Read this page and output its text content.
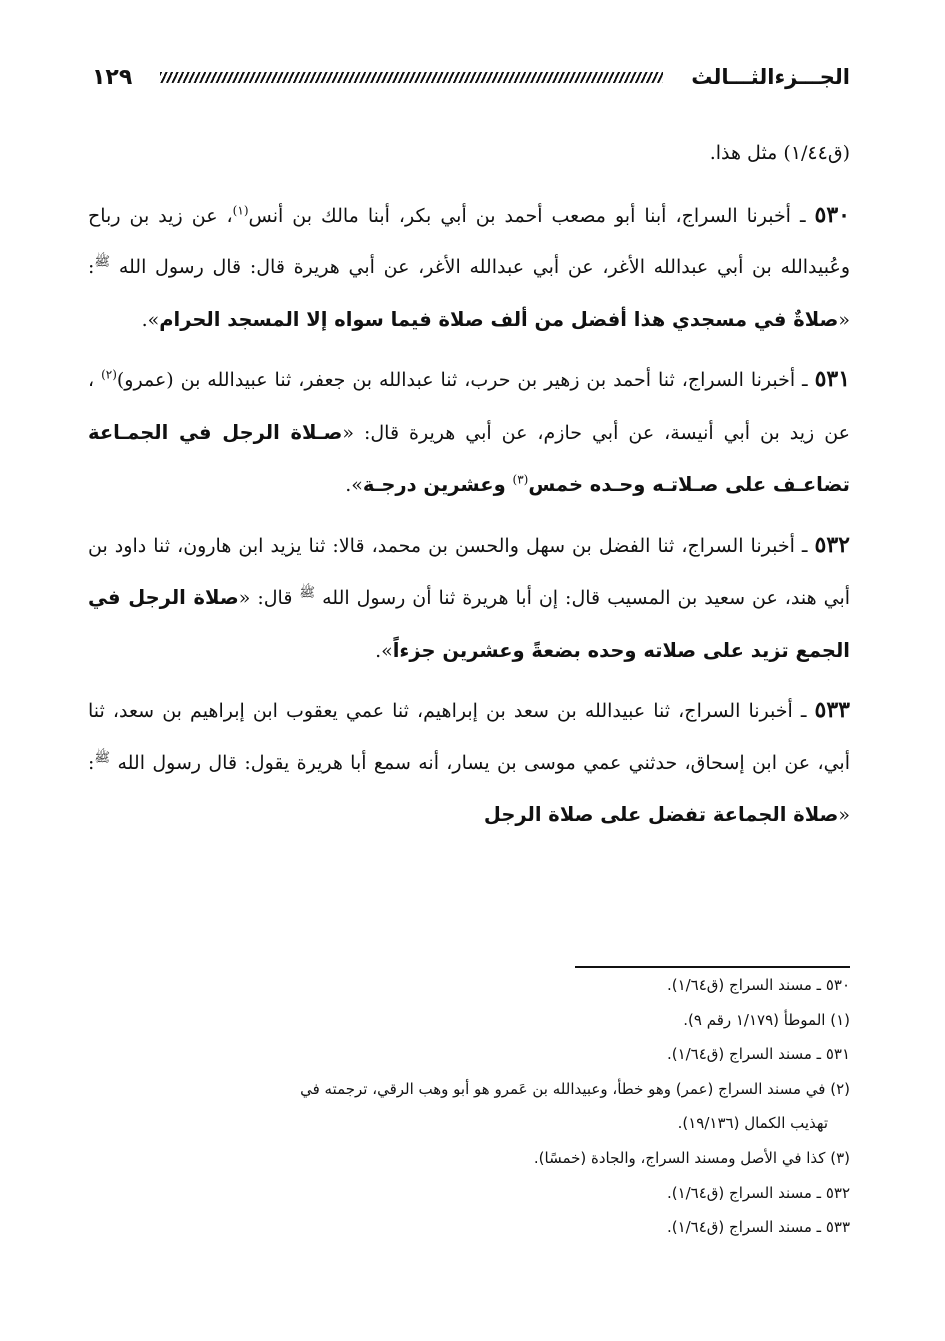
الجـــزءالثـــالث
١٢٩

(ق١/٤٤) مثل هذا.

٥٣٠ ـ أخبرنا السراج، أبنا أبو مصعب أحمد بن أبي بكر، أبنا مالك بن أنس$^{(١)}$، عن زيد بن رباح وعُبيدالله بن أبي عبدالله الأغر، عن أبي عبدالله الأغر، عن أبي هريرة قال: قال رسول الله $^ﷺ$: «صلاةٌ في مسجدي هذا أفضل من ألف صلاة فيما سواه إلا المسجد الحرام».

٥٣١ ـ أخبرنا السراج، ثنا أحمد بن زهير بن حرب، ثنا عبدالله بن جعفر، ثنا عبيدالله بن (عمرو)$^{(٢)}$ ، عن زيد بن أبي أنيسة، عن أبي حازم، عن أبي هريرة قال: «صـلاة الرجل في الجمـاعة تضاعـف على صـلاتـه وحـده خمس$^{(٣)}$ وعشرين درجـة».

٥٣٢ ـ أخبرنا السراج، ثنا الفضل بن سهل والحسن بن محمد، قالا: ثنا يزيد ابن هارون، ثنا داود بن أبي هند، عن سعيد بن المسيب قال: إن أبا هريرة ثنا أن رسول الله $^ﷺ$ قال: «صلاة الرجل في الجمع تزيد على صلاته وحده بضعةً وعشرين جزءاً».

٥٣٣ ـ أخبرنا السراج، ثنا عبيدالله بن سعد بن إبراهيم، ثنا عمي يعقوب ابن إبراهيم بن سعد، ثنا أبي، عن ابن إسحاق، حدثني عمي موسى بن يسار، أنه سمع أبا هريرة يقول: قال رسول الله $^ﷺ$: «صلاة الجماعة تفضل على صلاة الرجل

٥٣٠ ـ مسند السراج (ق١/٦٤).

(١) الموطأ (١/١٧٩ رقم ٩).

٥٣١ ـ مسند السراج (ق١/٦٤).

(٢) في مسند السراج (عمر) وهو خطأ، وعبيدالله بن عَمرو هو أبو وهب الرقي، ترجمته في

تهذيب الكمال (١٩/١٣٦).

(٣) كذا في الأصل ومسند السراج، والجادة (خمسًا).

٥٣٢ ـ مسند السراج (ق١/٦٤).

٥٣٣ ـ مسند السراج (ق١/٦٤).
